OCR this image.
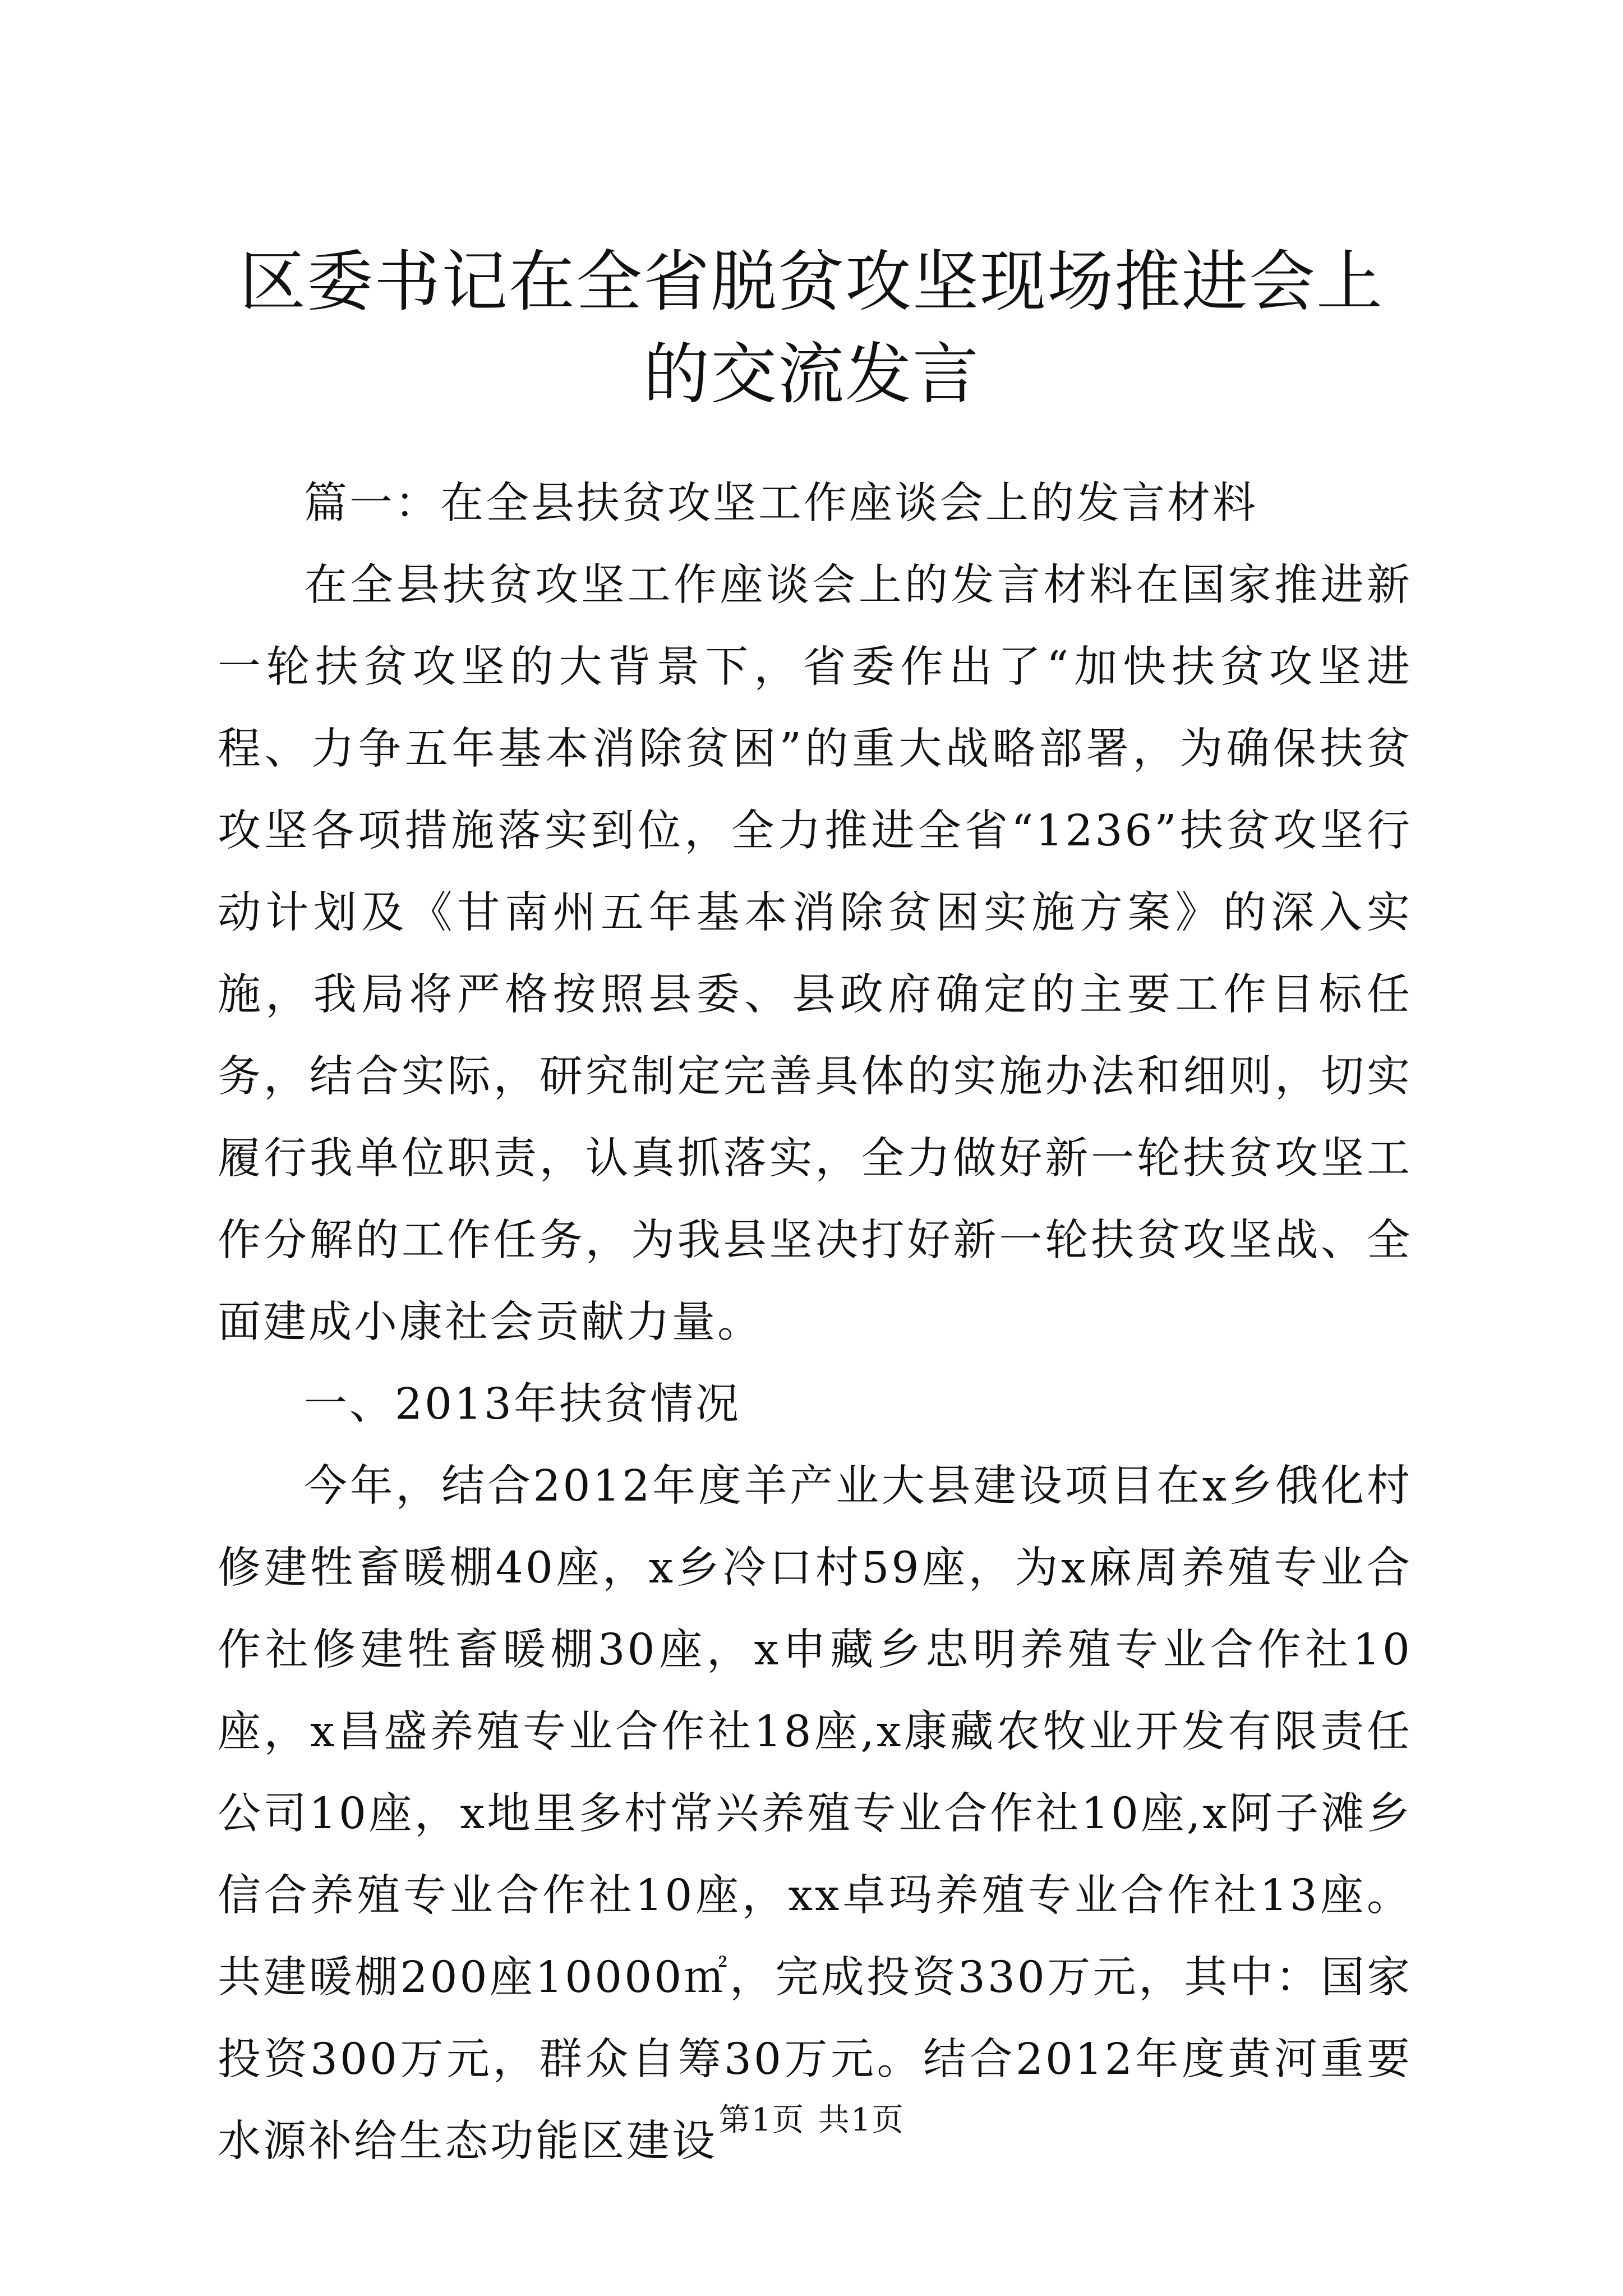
区委书记在全省脱贫攻坚现场推进会上的交流发言

篇一：在全县扶贫攻坚工作座谈会上的发言材料

在全县扶贫攻坚工作座谈会上的发言材料在国家推进新一轮扶贫攻坚的大背景下，省委作出了“加快扶贫攻坚进程、力争五年基本消除贫困”的重大战略部署，为确保扶贫攻坚各项措施落实到位，全力推进全省“1236”扶贫攻坚行动计划及《甘南州五年基本消除贫困实施方案》的深入实施，我局将严格按照县委、县政府确定的主要工作目标任务，结合实际，研究制定完善具体的实施办法和细则，切实履行我单位职责，认真抓落实，全力做好新一轮扶贫攻坚工作分解的工作任务，为我县坚决打好新一轮扶贫攻坚战、全面建成小康社会贡献力量。

一、2013年扶贫情况

今年，结合2012年度羊产业大县建设项目在x乡俄化村修建牲畜暖棚40座，x乡冷口村59座，为x麻周养殖专业合作社修建牲畜暖棚30座，x申藏乡忠明养殖专业合作社10座，x昌盛养殖专业合作社18座,x康藏农牧业开发有限责任公司10座，x地里多村常兴养殖专业合作社10座,x阿子滩乡信合养殖专业合作社10座，xx卓玛养殖专业合作社13座。共建暖棚200座10000㎡，完成投资330万元，其中：国家投资300万元，群众自筹30万元。结合2012年度黄河重要水源补给生态功能区建设 第1页 共1页
